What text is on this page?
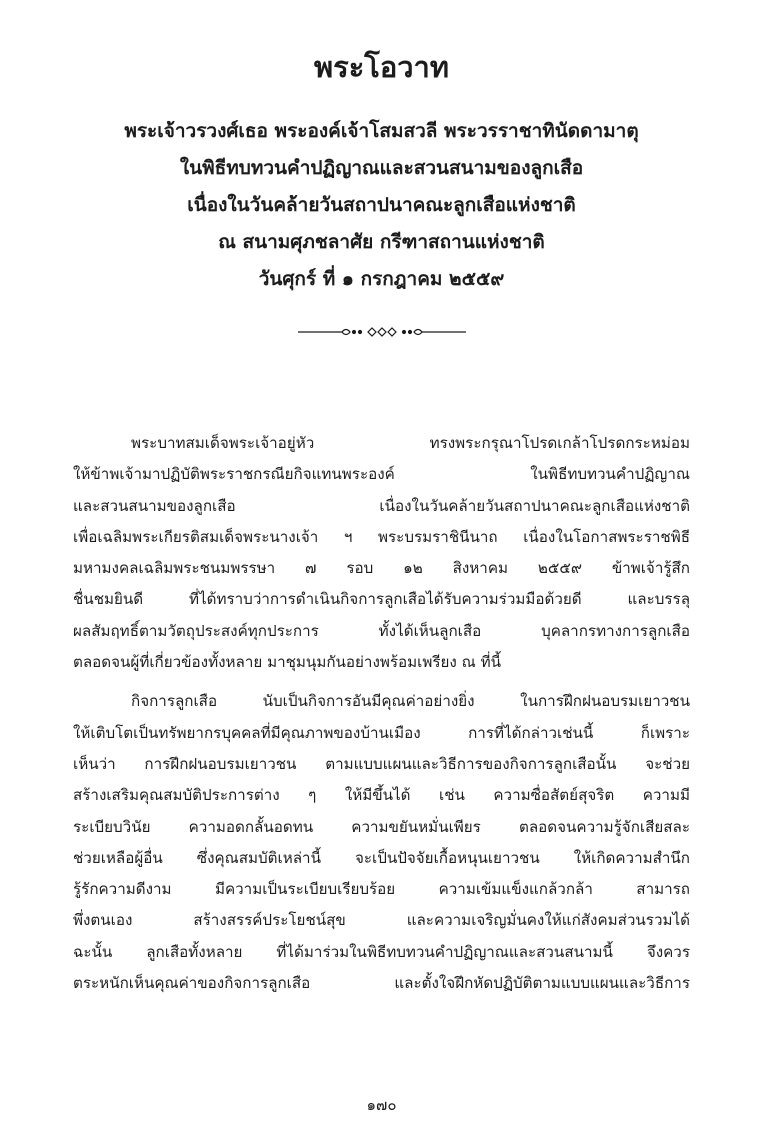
พระโอวาท
พระเจ้าวรวงศ์เธอ พระองค์เจ้าโสมสวลี พระวรราชาทินัดดามาตุ
ในพิธีทบทวนคำปฏิญาณและสวนสนามของลูกเสือ
เนื่องในวันคล้ายวันสถาปนาคณะลูกเสือแห่งชาติ
ณ สนามศุภชลาศัย กรีฑาสถานแห่งชาติ
วันศุกร์ ที่ ๑ กรกฎาคม ๒๕๕๙

พระบาทสมเด็จพระเจ้าอยู่หัว ทรงพระกรุณาโปรดเกล้าโปรดกระหม่อม
ให้ข้าพเจ้ามาปฏิบัติพระราชกรณียกิจแทนพระองค์ ในพิธีทบทวนคำปฏิญาณ
และสวนสนามของลูกเสือ เนื่องในวันคล้ายวันสถาปนาคณะลูกเสือแห่งชาติ
เพื่อเฉลิมพระเกียรติสมเด็จพระนางเจ้า ฯ พระบรมราชินีนาถ เนื่องในโอกาสพระราชพิธี
มหามงคลเฉลิมพระชนมพรรษา ๗ รอบ ๑๒ สิงหาคม ๒๕๕๙ ข้าพเจ้ารู้สึก
ชื่นชมยินดี ที่ได้ทราบว่าการดำเนินกิจการลูกเสือได้รับความร่วมมือด้วยดี และบรรลุ
ผลสัมฤทธิ์ตามวัตถุประสงค์ทุกประการ ทั้งได้เห็นลูกเสือ บุคลากรทางการลูกเสือ
ตลอดจนผู้ที่เกี่ยวข้องทั้งหลาย มาชุมนุมกันอย่างพร้อมเพรียง ณ ที่นี้

กิจการลูกเสือ นับเป็นกิจการอันมีคุณค่าอย่างยิ่ง ในการฝึกฝนอบรมเยาวชน
ให้เติบโตเป็นทรัพยากรบุคคลที่มีคุณภาพของบ้านเมือง การที่ได้กล่าวเช่นนี้ ก็เพราะ
เห็นว่า การฝึกฝนอบรมเยาวชน ตามแบบแผนและวิธีการของกิจการลูกเสือนั้น จะช่วย
สร้างเสริมคุณสมบัติประการต่าง ๆ ให้มีขึ้นได้ เช่น ความซื่อสัตย์สุจริต ความมี
ระเบียบวินัย ความอดกลั้นอดทน ความขยันหมั่นเพียร ตลอดจนความรู้จักเสียสละ
ช่วยเหลือผู้อื่น ซึ่งคุณสมบัติเหล่านี้ จะเป็นปัจจัยเกื้อหนุนเยาวชน ให้เกิดความสำนึก
รู้รักความดีงาม มีความเป็นระเบียบเรียบร้อย ความเข้มแข็งแกล้วกล้า สามารถ
พึ่งตนเอง สร้างสรรค์ประโยชน์สุข และความเจริญมั่นคงให้แก่สังคมส่วนรวมได้
ฉะนั้น ลูกเสือทั้งหลาย ที่ได้มาร่วมในพิธีทบทวนคำปฏิญาณและสวนสนามนี้ จึงควร
ตระหนักเห็นคุณค่าของกิจการลูกเสือ และตั้งใจฝึกหัดปฏิบัติตามแบบแผนและวิธีการ

๑๗๐
